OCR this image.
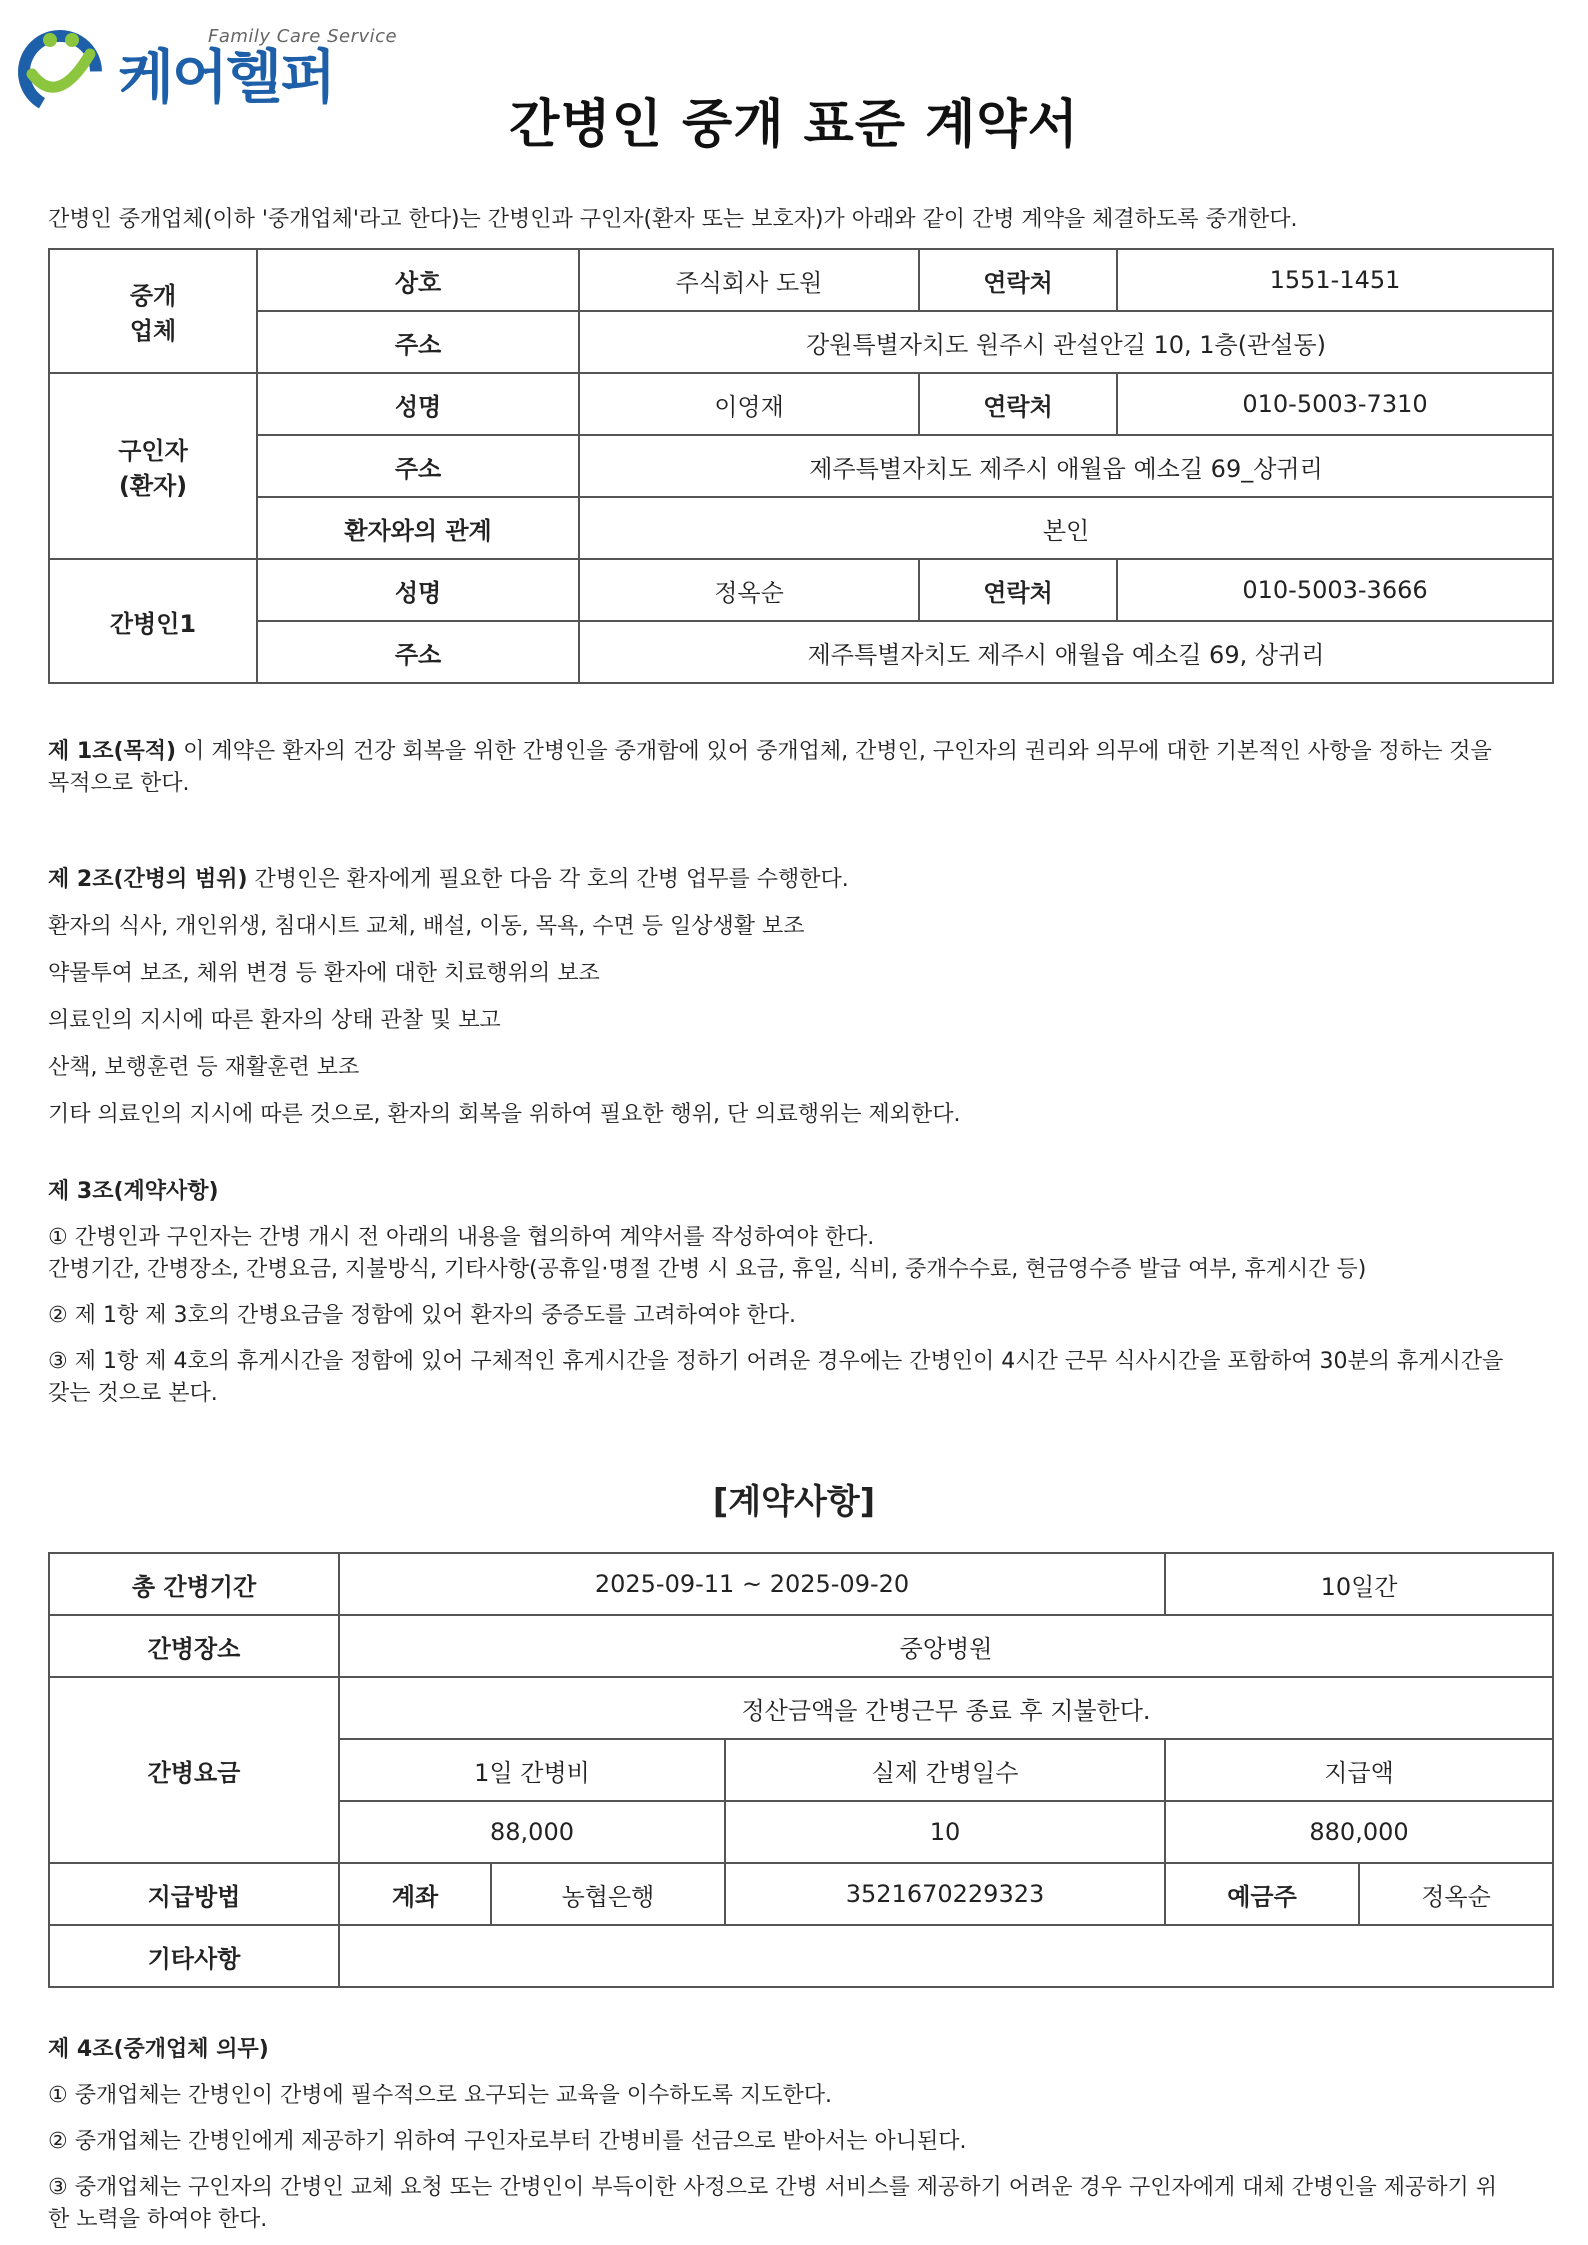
Family Care Service
케어헬퍼
간병인 중개 표준 계약서
간병인 중개업체(이하 '중개업체'라고 한다)는 간병인과 구인자(환자 또는 보호자)가 아래와 같이 간병 계약을 체결하도록 중개한다.
중개
업체	상호	주식회사 도원	연락처	1551-1451
	주소	강원특별자치도 원주시 관설안길 10, 1층(관설동)		
구인자
(환자)	성명	이영재	연락처	010-5003-7310
	주소	제주특별자치도 제주시 애월읍 예소길 69_상귀리		
	환자와의 관계	본인		
간병인1	성명	정옥순	연락처	010-5003-3666
	주소	제주특별자치도 제주시 애월읍 예소길 69, 상귀리		
제 1조(목적) 이 계약은 환자의 건강 회복을 위한 간병인을 중개함에 있어 중개업체, 간병인, 구인자의 권리와 의무에 대한 기본적인 사항을 정하는 것을
목적으로 한다.
제 2조(간병의 범위) 간병인은 환자에게 필요한 다음 각 호의 간병 업무를 수행한다.
환자의 식사, 개인위생, 침대시트 교체, 배설, 이동, 목욕, 수면 등 일상생활 보조
약물투여 보조, 체위 변경 등 환자에 대한 치료행위의 보조
의료인의 지시에 따른 환자의 상태 관찰 및 보고
산책, 보행훈련 등 재활훈련 보조
기타 의료인의 지시에 따른 것으로, 환자의 회복을 위하여 필요한 행위, 단 의료행위는 제외한다.
제 3조(계약사항)
① 간병인과 구인자는 간병 개시 전 아래의 내용을 협의하여 계약서를 작성하여야 한다.
간병기간, 간병장소, 간병요금, 지불방식, 기타사항(공휴일·명절 간병 시 요금, 휴일, 식비, 중개수수료, 현금영수증 발급 여부, 휴게시간 등)
② 제 1항 제 3호의 간병요금을 정함에 있어 환자의 중증도를 고려하여야 한다.
③ 제 1항 제 4호의 휴게시간을 정함에 있어 구체적인 휴게시간을 정하기 어려운 경우에는 간병인이 4시간 근무 식사시간을 포함하여 30분의 휴게시간을
갖는 것으로 본다.
[계약사항]
총 간병기간	2025-09-11 ~ 2025-09-20			10일간	
간병장소	중앙병원				
간병요금	정산금액을 간병근무 종료 후 지불한다.				
	1일 간병비		실제 간병일수	지급액	
	88,000		10	880,000	
지급방법	계좌	농협은행	3521670229323	예금주	정옥순
기타사항					
제 4조(중개업체 의무)
① 중개업체는 간병인이 간병에 필수적으로 요구되는 교육을 이수하도록 지도한다.
② 중개업체는 간병인에게 제공하기 위하여 구인자로부터 간병비를 선금으로 받아서는 아니된다.
③ 중개업체는 구인자의 간병인 교체 요청 또는 간병인이 부득이한 사정으로 간병 서비스를 제공하기 어려운 경우 구인자에게 대체 간병인을 제공하기 위
한 노력을 하여야 한다.
